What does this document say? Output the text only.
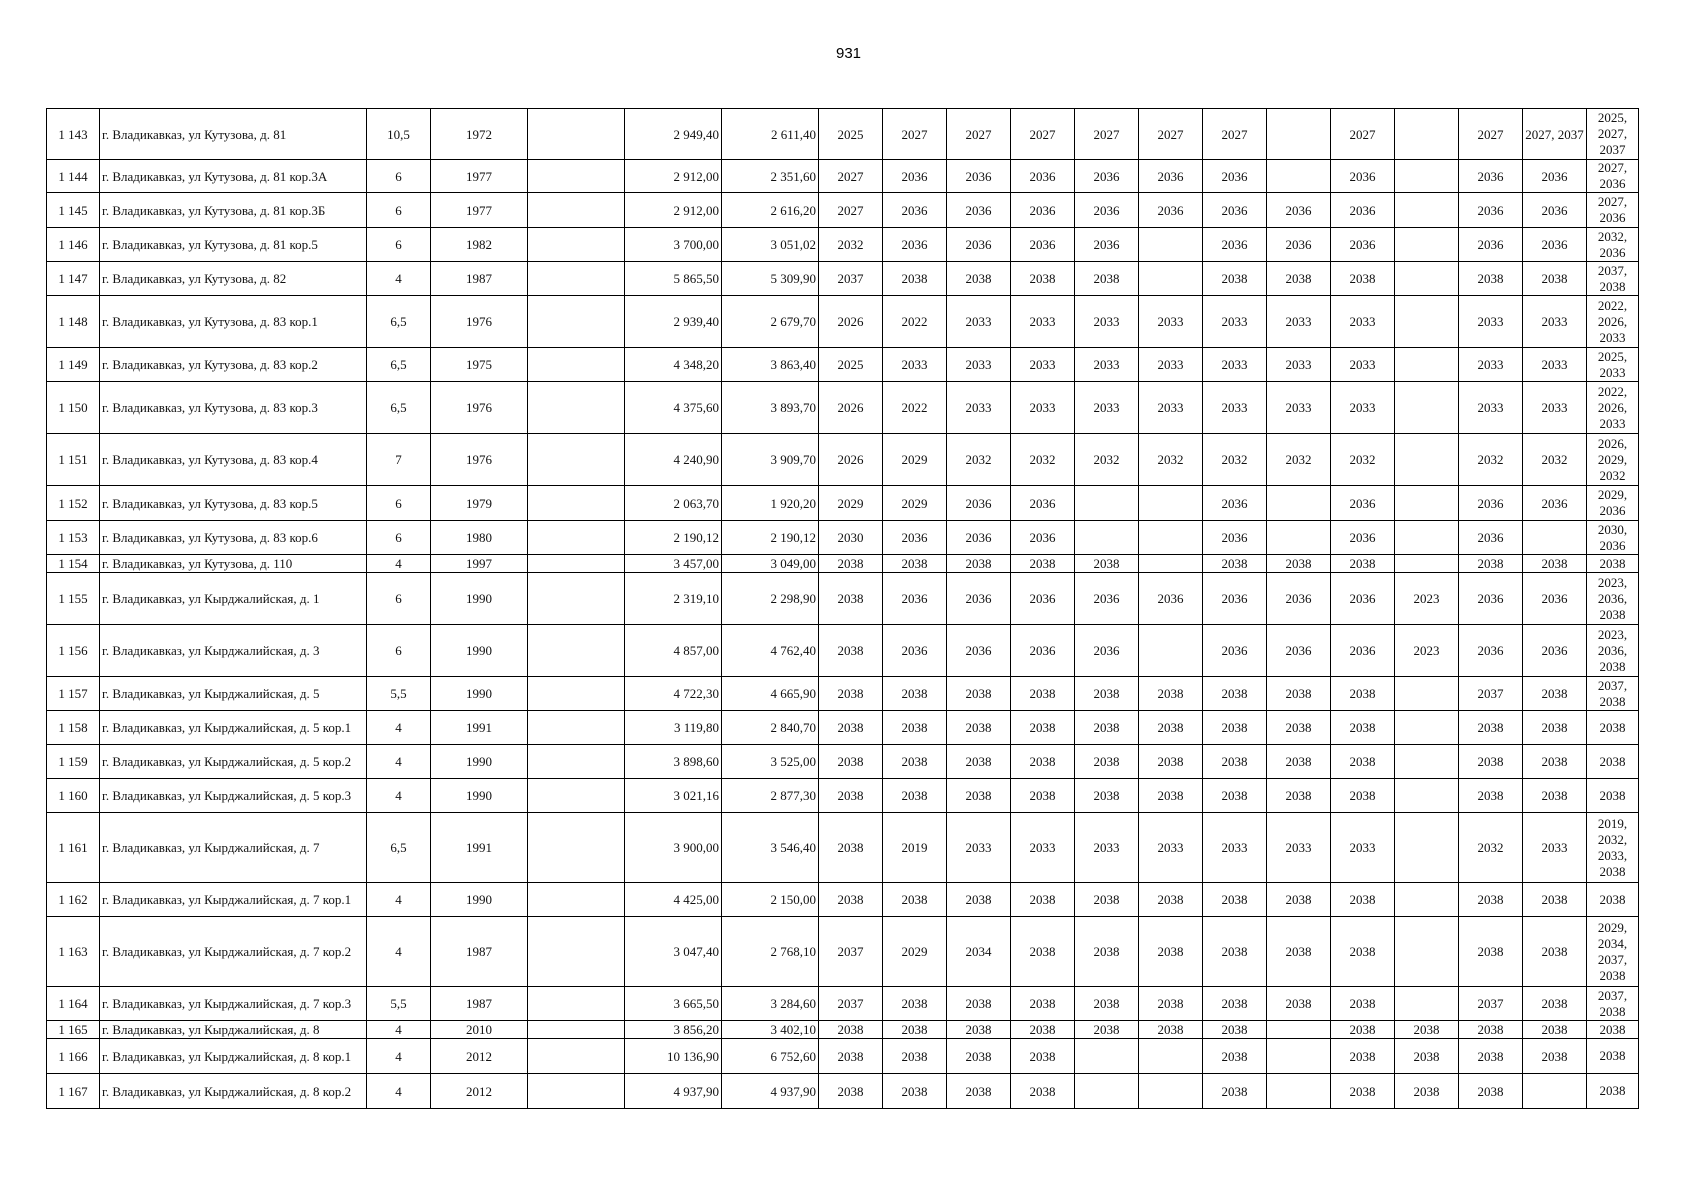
931
1 143	г. Владикавказ, ул Кутузова, д. 81	10,5	1972		2 949,40	2 611,40	2025	2027	2027	2027	2027	2027	2027		2027		2027	2027, 2037	2025, 2027, 2037
1 144	г. Владикавказ, ул Кутузова, д. 81 кор.3А	6	1977		2 912,00	2 351,60	2027	2036	2036	2036	2036	2036	2036		2036		2036	2036	2027, 2036
1 145	г. Владикавказ, ул Кутузова, д. 81 кор.3Б	6	1977		2 912,00	2 616,20	2027	2036	2036	2036	2036	2036	2036	2036	2036		2036	2036	2027, 2036
1 146	г. Владикавказ, ул Кутузова, д. 81 кор.5	6	1982		3 700,00	3 051,02	2032	2036	2036	2036	2036		2036	2036	2036		2036	2036	2032, 2036
1 147	г. Владикавказ, ул Кутузова, д. 82	4	1987		5 865,50	5 309,90	2037	2038	2038	2038	2038		2038	2038	2038		2038	2038	2037, 2038
1 148	г. Владикавказ, ул Кутузова, д. 83 кор.1	6,5	1976		2 939,40	2 679,70	2026	2022	2033	2033	2033	2033	2033	2033	2033		2033	2033	2022, 2026, 2033
1 149	г. Владикавказ, ул Кутузова, д. 83 кор.2	6,5	1975		4 348,20	3 863,40	2025	2033	2033	2033	2033	2033	2033	2033	2033		2033	2033	2025, 2033
1 150	г. Владикавказ, ул Кутузова, д. 83 кор.3	6,5	1976		4 375,60	3 893,70	2026	2022	2033	2033	2033	2033	2033	2033	2033		2033	2033	2022, 2026, 2033
1 151	г. Владикавказ, ул Кутузова, д. 83 кор.4	7	1976		4 240,90	3 909,70	2026	2029	2032	2032	2032	2032	2032	2032	2032		2032	2032	2026, 2029, 2032
1 152	г. Владикавказ, ул Кутузова, д. 83 кор.5	6	1979		2 063,70	1 920,20	2029	2029	2036	2036			2036		2036		2036	2036	2029, 2036
1 153	г. Владикавказ, ул Кутузова, д. 83 кор.6	6	1980		2 190,12	2 190,12	2030	2036	2036	2036			2036		2036		2036		2030, 2036
1 154	г. Владикавказ, ул Кутузова, д. 110	4	1997		3 457,00	3 049,00	2038	2038	2038	2038	2038		2038	2038	2038		2038	2038	2038
1 155	г. Владикавказ, ул Кырджалийская, д. 1	6	1990		2 319,10	2 298,90	2038	2036	2036	2036	2036	2036	2036	2036	2036	2023	2036	2036	2023, 2036, 2038
1 156	г. Владикавказ, ул Кырджалийская, д. 3	6	1990		4 857,00	4 762,40	2038	2036	2036	2036	2036		2036	2036	2036	2023	2036	2036	2023, 2036, 2038
1 157	г. Владикавказ, ул Кырджалийская, д. 5	5,5	1990		4 722,30	4 665,90	2038	2038	2038	2038	2038	2038	2038	2038	2038		2037	2038	2037, 2038
1 158	г. Владикавказ, ул Кырджалийская, д. 5 кор.1	4	1991		3 119,80	2 840,70	2038	2038	2038	2038	2038	2038	2038	2038	2038		2038	2038	2038
1 159	г. Владикавказ, ул Кырджалийская, д. 5 кор.2	4	1990		3 898,60	3 525,00	2038	2038	2038	2038	2038	2038	2038	2038	2038		2038	2038	2038
1 160	г. Владикавказ, ул Кырджалийская, д. 5 кор.3	4	1990		3 021,16	2 877,30	2038	2038	2038	2038	2038	2038	2038	2038	2038		2038	2038	2038
1 161	г. Владикавказ, ул Кырджалийская, д. 7	6,5	1991		3 900,00	3 546,40	2038	2019	2033	2033	2033	2033	2033	2033	2033		2032	2033	2019, 2032, 2033, 2038
1 162	г. Владикавказ, ул Кырджалийская, д. 7 кор.1	4	1990		4 425,00	2 150,00	2038	2038	2038	2038	2038	2038	2038	2038	2038		2038	2038	2038
1 163	г. Владикавказ, ул Кырджалийская, д. 7 кор.2	4	1987		3 047,40	2 768,10	2037	2029	2034	2038	2038	2038	2038	2038	2038		2038	2038	2029, 2034, 2037, 2038
1 164	г. Владикавказ, ул Кырджалийская, д. 7 кор.3	5,5	1987		3 665,50	3 284,60	2037	2038	2038	2038	2038	2038	2038	2038	2038		2037	2038	2037, 2038
1 165	г. Владикавказ, ул Кырджалийская, д. 8	4	2010		3 856,20	3 402,10	2038	2038	2038	2038	2038	2038	2038		2038	2038	2038	2038	2038
1 166	г. Владикавказ, ул Кырджалийская, д. 8 кор.1	4	2012		10 136,90	6 752,60	2038	2038	2038	2038			2038		2038	2038	2038	2038	2038
1 167	г. Владикавказ, ул Кырджалийская, д. 8 кор.2	4	2012		4 937,90	4 937,90	2038	2038	2038	2038			2038		2038	2038	2038		2038
